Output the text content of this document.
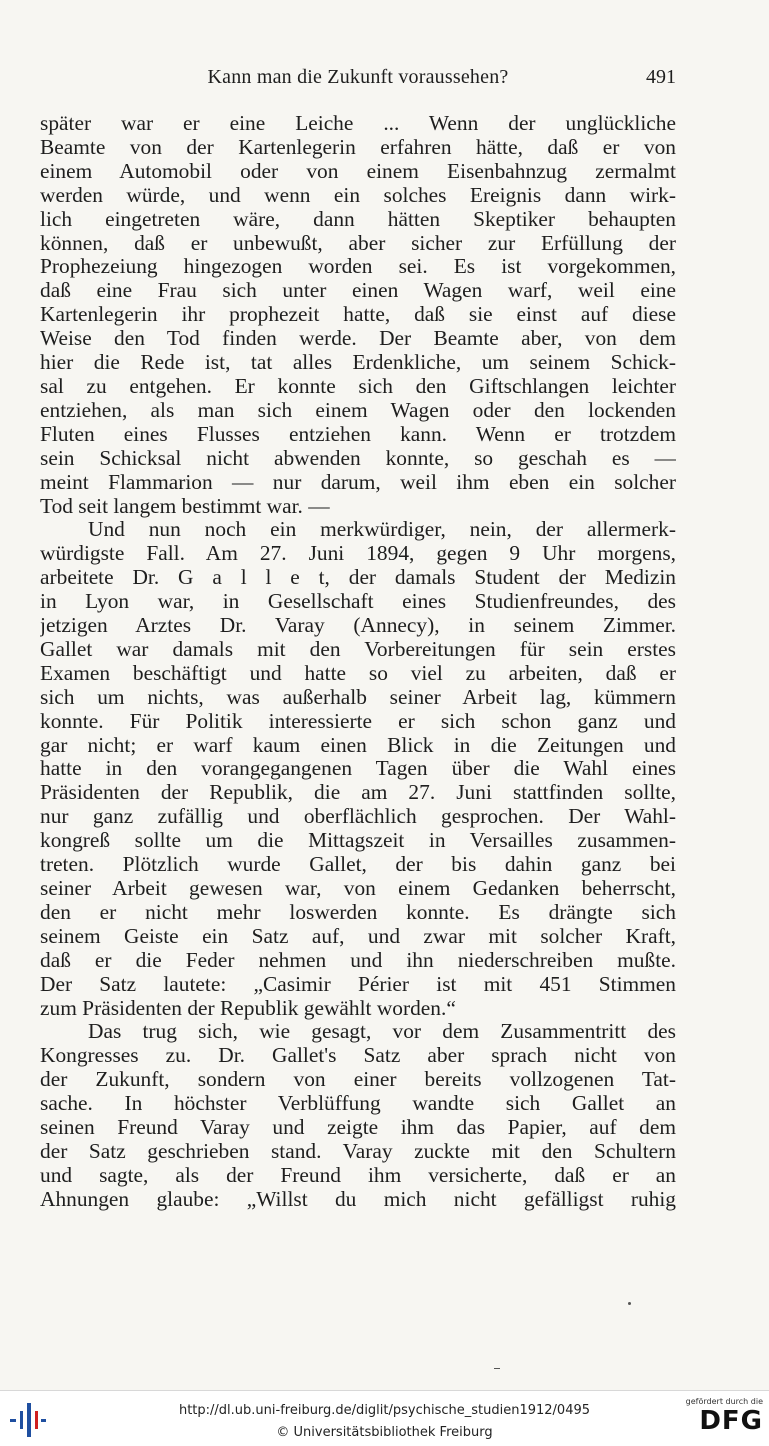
Kann man die Zukunft voraussehen?	491
später war er eine Leiche ... Wenn der unglückliche
Beamte von der Kartenlegerin erfahren hätte, daß er von
einem Automobil oder von einem Eisenbahnzug zermalmt
werden würde, und wenn ein solches Ereignis dann wirk-
lich eingetreten wäre, dann hätten Skeptiker behaupten
können, daß er unbewußt, aber sicher zur Erfüllung der
Prophezeiung hingezogen worden sei. Es ist vorgekommen,
daß eine Frau sich unter einen Wagen warf, weil eine
Kartenlegerin ihr prophezeit hatte, daß sie einst auf diese
Weise den Tod finden werde. Der Beamte aber, von dem
hier die Rede ist, tat alles Erdenkliche, um seinem Schick-
sal zu entgehen. Er konnte sich den Giftschlangen leichter
entziehen, als man sich einem Wagen oder den lockenden
Fluten eines Flusses entziehen kann. Wenn er trotzdem
sein Schicksal nicht abwenden konnte, so geschah es —
meint Flammarion — nur darum, weil ihm eben ein solcher
Tod seit langem bestimmt war. —
Und nun noch ein merkwürdiger, nein, der allermerk-
würdigste Fall. Am 27. Juni 1894, gegen 9 Uhr morgens,
arbeitete Dr. G a l l e t, der damals Student der Medizin
in Lyon war, in Gesellschaft eines Studienfreundes, des
jetzigen Arztes Dr. Varay (Annecy), in seinem Zimmer.
Gallet war damals mit den Vorbereitungen für sein erstes
Examen beschäftigt und hatte so viel zu arbeiten, daß er
sich um nichts, was außerhalb seiner Arbeit lag, kümmern
konnte. Für Politik interessierte er sich schon ganz und
gar nicht; er warf kaum einen Blick in die Zeitungen und
hatte in den vorangegangenen Tagen über die Wahl eines
Präsidenten der Republik, die am 27. Juni stattfinden sollte,
nur ganz zufällig und oberflächlich gesprochen. Der Wahl-
kongreß sollte um die Mittagszeit in Versailles zusammen-
treten. Plötzlich wurde Gallet, der bis dahin ganz bei
seiner Arbeit gewesen war, von einem Gedanken beherrscht,
den er nicht mehr loswerden konnte. Es drängte sich
seinem Geiste ein Satz auf, und zwar mit solcher Kraft,
daß er die Feder nehmen und ihn niederschreiben mußte.
Der Satz lautete: „Casimir Périer ist mit 451 Stimmen
zum Präsidenten der Republik gewählt worden.“
Das trug sich, wie gesagt, vor dem Zusammentritt des
Kongresses zu. Dr. Gallet's Satz aber sprach nicht von
der Zukunft, sondern von einer bereits vollzogenen Tat-
sache. In höchster Verblüffung wandte sich Gallet an
seinen Freund Varay und zeigte ihm das Papier, auf dem
der Satz geschrieben stand. Varay zuckte mit den Schultern
und sagte, als der Freund ihm versicherte, daß er an
Ahnungen glaube: „Willst du mich nicht gefälligst ruhig
http://dl.ub.uni-freiburg.de/diglit/psychische_studien1912/0495
© Universitätsbibliothek Freiburg
gefördert durch die
DFG
